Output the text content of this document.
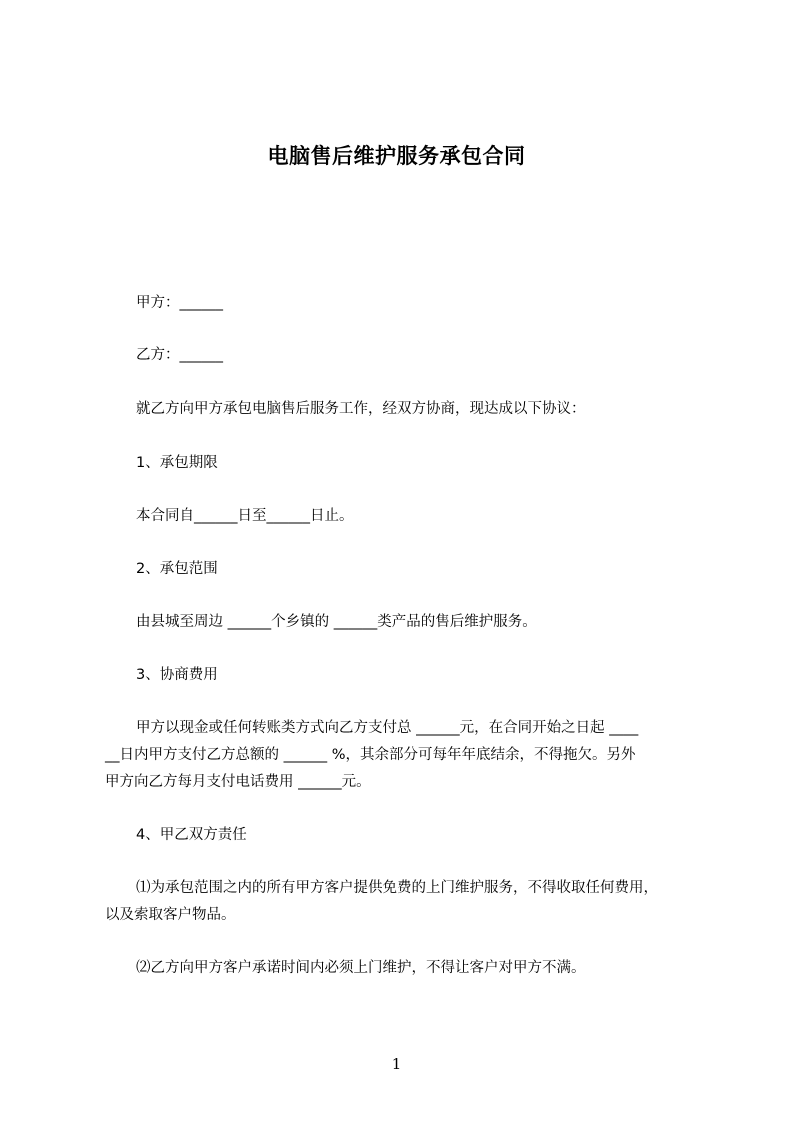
电脑售后维护服务承包合同

甲方：______

乙方：______

就乙方向甲方承包电脑售后服务工作，经双方协商，现达成以下协议：

1、承包期限

本合同自______日至______日止。

2、承包范围

由县城至周边 ______个乡镇的 ______类产品的售后维护服务。

3、协商费用

甲方以现金或任何转账类方式向乙方支付总 ______元，在合同开始之日起 ____

__日内甲方支付乙方总额的 ______ %，其余部分可每年年底结余，不得拖欠。另外

甲方向乙方每月支付电话费用 ______元。

4、甲乙双方责任

⑴为承包范围之内的所有甲方客户提供免费的上门维护服务，不得收取任何费用，

以及索取客户物品。

⑵乙方向甲方客户承诺时间内必须上门维护，不得让客户对甲方不满。

1
